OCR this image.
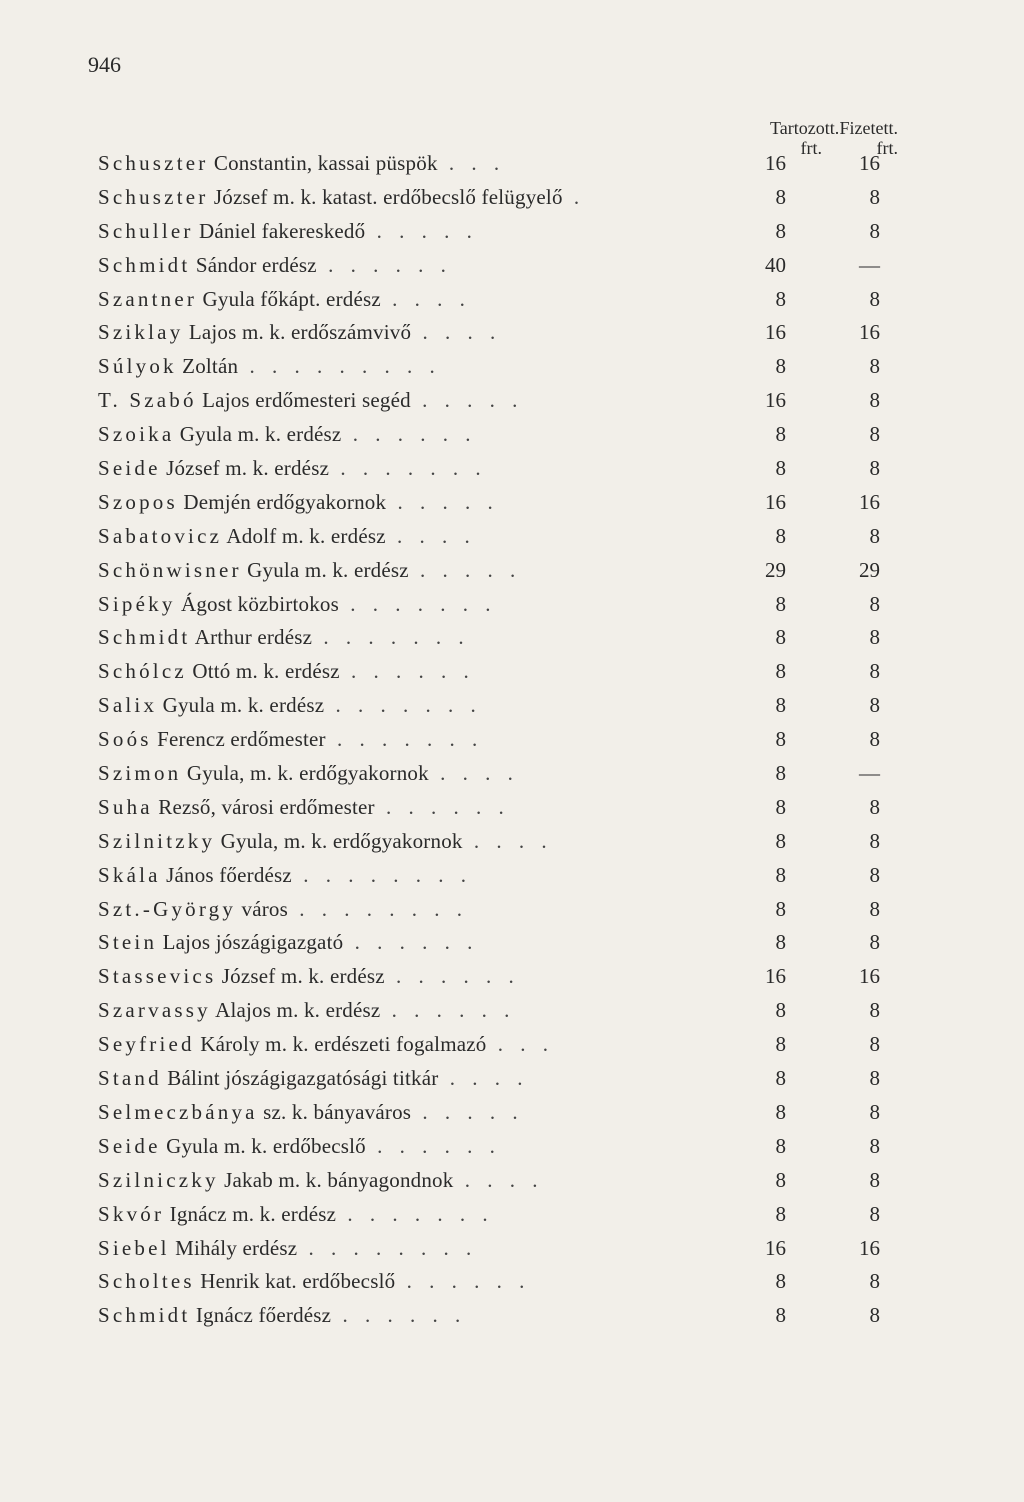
946
Tartozott.
frt.
Fizetett.
frt.
Schuszter Constantin, kassai püspök . . .	16	16
Schuszter József m. k. katast. erdőbecslő felügyelő .	8	8
Schuller Dániel fakereskedő . . . . .	8	8
Schmidt Sándor erdész . . . . . .	40	—
Szantner Gyula főkápt. erdész . . . .	8	8
Sziklay Lajos m. k. erdőszámvivő . . . .	16	16
Súlyok Zoltán . . . . . . . . .	8	8
T. Szabó Lajos erdőmesteri segéd . . . . .	16	8
Szoika Gyula m. k. erdész . . . . . .	8	8
Seide József m. k. erdész . . . . . . .	8	8
Szopos Demjén erdőgyakornok . . . . .	16	16
Sabatovicz Adolf m. k. erdész . . . .	8	8
Schönwisner Gyula m. k. erdész . . . . .	29	29
Sipéky Ágost közbirtokos . . . . . . .	8	8
Schmidt Arthur erdész . . . . . . .	8	8
Schólcz Ottó m. k. erdész . . . . . .	8	8
Salix Gyula m. k. erdész . . . . . . .	8	8
Soós Ferencz erdőmester . . . . . . .	8	8
Szimon Gyula, m. k. erdőgyakornok . . . .	8	—
Suha Rezső, városi erdőmester . . . . . .	8	8
Szilnitzky Gyula, m. k. erdőgyakornok . . . .	8	8
Skála János főerdész . . . . . . . .	8	8
Szt.-György város . . . . . . . .	8	8
Stein Lajos jószágigazgató . . . . . .	8	8
Stassevics József m. k. erdész . . . . . .	16	16
Szarvassy Alajos m. k. erdész . . . . . .	8	8
Seyfried Károly m. k. erdészeti fogalmazó . . .	8	8
Stand Bálint jószágigazgatósági titkár . . . .	8	8
Selmeczbánya sz. k. bányaváros . . . . .	8	8
Seide Gyula m. k. erdőbecslő . . . . . .	8	8
Szilniczky Jakab m. k. bányagondnok . . . .	8	8
Skvór Ignácz m. k. erdész . . . . . . .	8	8
Siebel Mihály erdész . . . . . . . .	16	16
Scholtes Henrik kat. erdőbecslő . . . . . .	8	8
Schmidt Ignácz főerdész . . . . . .	8	8
